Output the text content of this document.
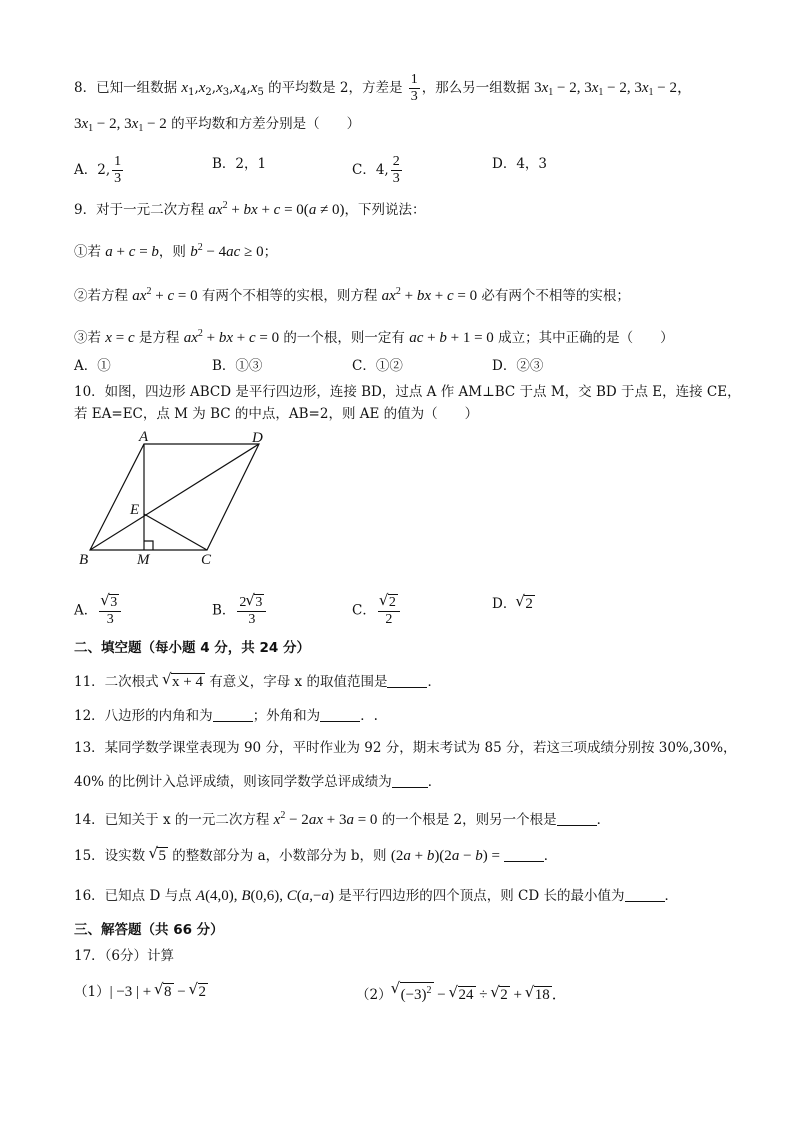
8．已知一组数据 $x_1,x_2,x_3,x_4,x_5$ 的平均数是 2，方差是 $\frac{1}{3}$ ，那么另一组数据 $3x_1 - 2$, $3x_1 - 2$, $3x_1 - 2$，
$3x_1 - 2$, $3x_1 - 2$ 的平均数和方差分别是（　　）
A．2, $\frac{1}{3}$	B．2，1	C．4, $\frac{2}{3}$	D．4，3
9．对于一元二次方程 $ax^2$ + bx + c = 0(a ≠ 0)，下列说法：
①若 a + c = b，则 $b^2 - 4ac \ge 0$；
②若方程 $ax^2 + c = 0$ 有两个不相等的实根，则方程 $ax^2$ + bx + c = 0 必有两个不相等的实根；
③若 x = c 是方程 $ax^2$ + bx + c = 0 的一个根，则一定有 ac + b + 1 = 0 成立；其中正确的是（　　）
A．①	B．①③	C．①②	D．②③
10．如图，四边形 ABCD 是平行四边形，连接 BD，过点 A 作 AM⊥BC 于点 M，交 BD 于点 E，连接 CE，
若 EA=EC，点 M 为 BC 的中点，AB=2，则 AE 的值为（　　）
A	D
E
B	M	C
A． √ $\frac{3}{3}$	B． $\frac{2 √ 3}{3}$	C． √ $\frac{2}{2}$	D． √ 2
二、填空题（每小题 4 分，共 24 分）
11．二次根式 √ x + 4 有意义，字母 x 的取值范围是	．
12．八边形的内角和为	；外角和为	．.
13．某同学数学课堂表现为 90 分，平时作业为 92 分，期末考试为 85 分，若这三项成绩分别按 30%,30%，
40% 的比例计入总评成绩，则该同学数学总评成绩为	．
14．已知关于 x 的一元二次方程 $x^2 - 2ax + 3a = 0$ 的一个根是 2，则另一个根是	．
15．设实数 √ 5 的整数部分为 a，小数部分为 b，则 (2a + b)(2a − b) =	．
16．已知点 D 与点 A(4,0), B(0,6), C(a,−a) 是平行四边形的四个顶点，则 CD 长的最小值为	．
三、解答题（共 66 分）
17．（6分）计算
（1）| −3 | + √ 8 − √ 2	（2） √ $(-3)^2$ − √ 24 ÷ √ 2 + √ 18 ．
